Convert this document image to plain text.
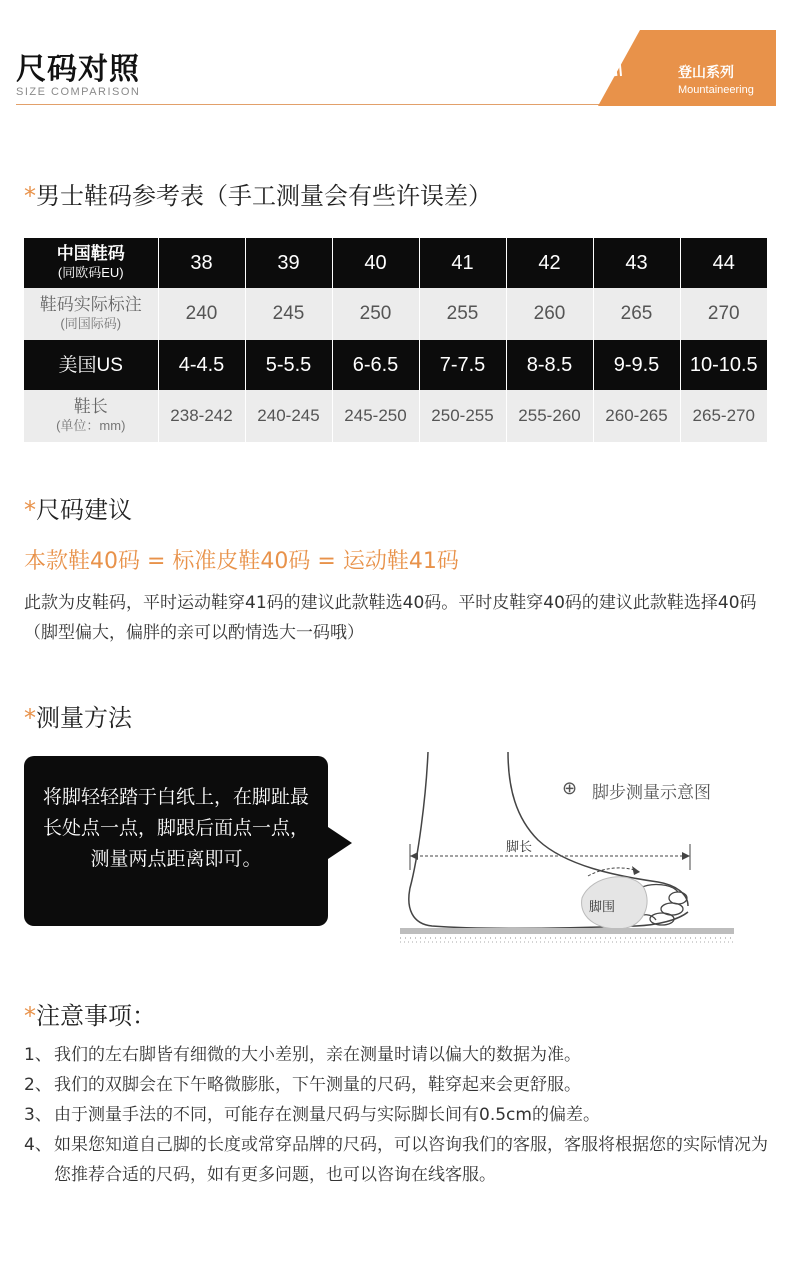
尺码对照
SIZE COMPARISON
登山系列
Mountaineering
*男士鞋码参考表（手工测量会有些许误差）
中国鞋码
(同欧码EU)	38	39	40	41	42	43	44
鞋码实际标注
(同国际码)	240	245	250	255	260	265	270
美国US	4-4.5	5-5.5	6-6.5	7-7.5	8-8.5	9-9.5	10-10.5
鞋长
(单位：mm)	238-242	240-245	245-250	250-255	255-260	260-265	265-270
*尺码建议
本款鞋40码 = 标准皮鞋40码 = 运动鞋41码
此款为皮鞋码，平时运动鞋穿41码的建议此款鞋选40码。平时皮鞋穿40码的建议此款鞋选择40码（脚型偏大，偏胖的亲可以酌情选大一码哦）
*测量方法
将脚轻轻踏于白纸上，在脚趾最长处点一点，脚跟后面点一点，测量两点距离即可。
⊕ 脚步测量示意图
脚长
脚围
*注意事项：
1、 我们的左右脚皆有细微的大小差别，亲在测量时请以偏大的数据为准。
2、 我们的双脚会在下午略微膨胀，下午测量的尺码，鞋穿起来会更舒服。
3、 由于测量手法的不同，可能存在测量尺码与实际脚长间有0.5cm的偏差。
4、 如果您知道自己脚的长度或常穿品牌的尺码，可以咨询我们的客服，客服将根据您的实际情况为您推荐合适的尺码，如有更多问题，也可以咨询在线客服。
